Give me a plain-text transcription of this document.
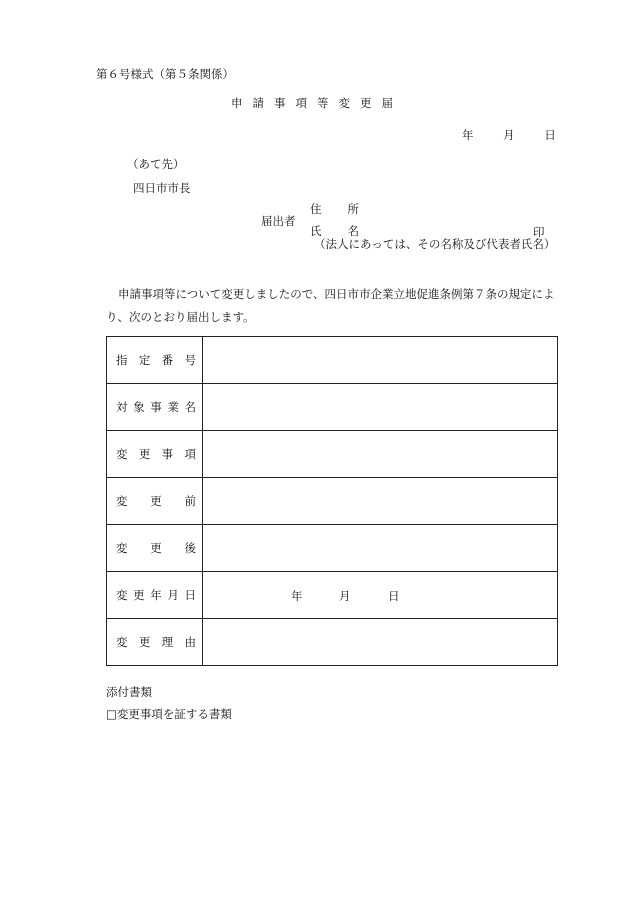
第６号様式（第５条関係）
申請事項等変更届
年	月	日
（あて先）
四日市市長
届出者
住所
氏名	印
（法人にあっては、その名称及び代表者氏名）
申請事項等について変更しましたので、四日市市企業立地促進条例第７条の規定により、次のとおり届出します。
指 定 番 号	

対 象 事 業 名	

変 更 事 項	

変 更 前	

変 更 後	

変 更 年 月 日	年 月 日

変 更 理 由	

添付書類
□変更事項を証する書類
